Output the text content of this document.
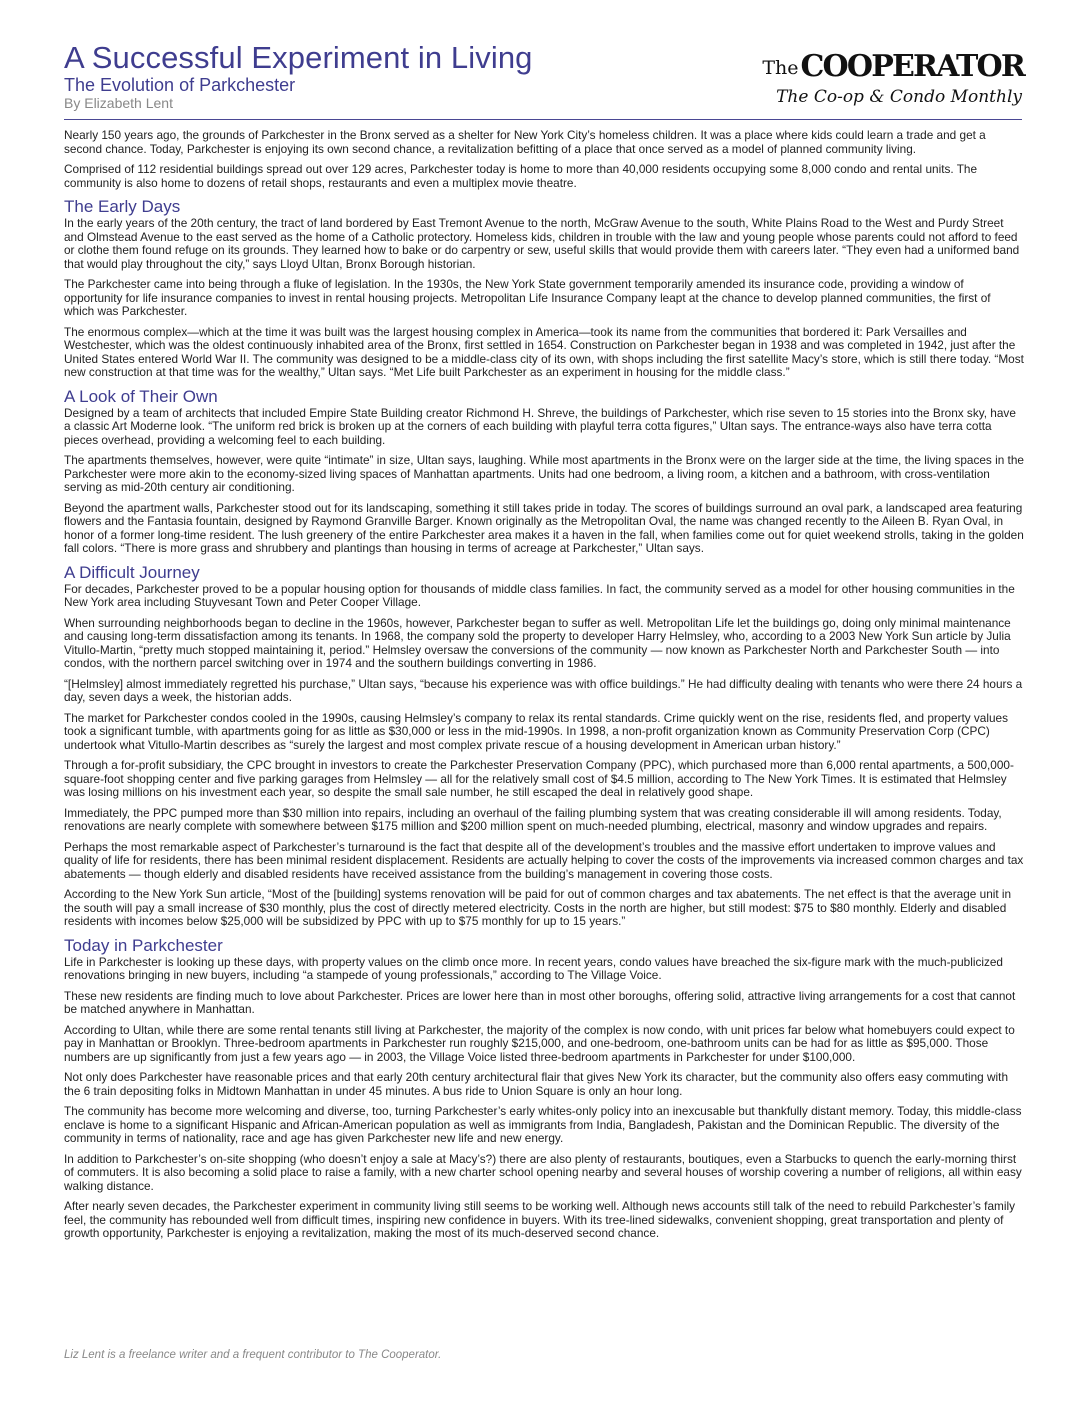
A Successful Experiment in Living
The Evolution of Parkchester
By Elizabeth Lent
TheCOOPERATOR
The Co-op & Condo Monthly

Nearly 150 years ago, the grounds of Parkchester in the Bronx served as a shelter for New York City’s homeless children. It was a place where kids could learn a trade and get a second chance. Today, Parkchester is enjoying its own second chance, a revitalization befitting of a place that once served as a model of planned community living.

Comprised of 112 residential buildings spread out over 129 acres, Parkchester today is home to more than 40,000 residents occupying some 8,000 condo and rental units. The community is also home to dozens of retail shops, restaurants and even a multiplex movie theatre.

The Early Days

In the early years of the 20th century, the tract of land bordered by East Tremont Avenue to the north, McGraw Avenue to the south, White Plains Road to the West and Purdy Street and Olmstead Avenue to the east served as the home of a Catholic protectory. Homeless kids, children in trouble with the law and young people whose parents could not afford to feed or clothe them found refuge on its grounds. They learned how to bake or do carpentry or sew, useful skills that would provide them with careers later. “They even had a uniformed band that would play throughout the city,” says Lloyd Ultan, Bronx Borough historian.

The Parkchester came into being through a fluke of legislation. In the 1930s, the New York State government temporarily amended its insurance code, providing a window of opportunity for life insurance companies to invest in rental housing projects. Metropolitan Life Insurance Company leapt at the chance to develop planned communities, the first of which was Parkchester.

The enormous complex—which at the time it was built was the largest housing complex in America—took its name from the communities that bordered it: Park Versailles and Westchester, which was the oldest continuously inhabited area of the Bronx, first settled in 1654. Construction on Parkchester began in 1938 and was completed in 1942, just after the United States entered World War II. The community was designed to be a middle-class city of its own, with shops including the first satellite Macy’s store, which is still there today. “Most new construction at that time was for the wealthy,” Ultan says. “Met Life built Parkchester as an experiment in housing for the middle class.”

A Look of Their Own

Designed by a team of architects that included Empire State Building creator Richmond H. Shreve, the buildings of Parkchester, which rise seven to 15 stories into the Bronx sky, have a classic Art Moderne look. “The uniform red brick is broken up at the corners of each building with playful terra cotta figures,” Ultan says. The entrance-ways also have terra cotta pieces overhead, providing a welcoming feel to each building.

The apartments themselves, however, were quite “intimate” in size, Ultan says, laughing. While most apartments in the Bronx were on the larger side at the time, the living spaces in the Parkchester were more akin to the economy-sized living spaces of Manhattan apartments. Units had one bedroom, a living room, a kitchen and a bathroom, with cross-ventilation serving as mid-20th century air conditioning.

Beyond the apartment walls, Parkchester stood out for its landscaping, something it still takes pride in today. The scores of buildings surround an oval park, a landscaped area featuring flowers and the Fantasia fountain, designed by Raymond Granville Barger. Known originally as the Metropolitan Oval, the name was changed recently to the Aileen B. Ryan Oval, in honor of a former long-time resident. The lush greenery of the entire Parkchester area makes it a haven in the fall, when families come out for quiet weekend strolls, taking in the golden fall colors. “There is more grass and shrubbery and plantings than housing in terms of acreage at Parkchester,” Ultan says.

A Difficult Journey

For decades, Parkchester proved to be a popular housing option for thousands of middle class families. In fact, the community served as a model for other housing communities in the New York area including Stuyvesant Town and Peter Cooper Village.

When surrounding neighborhoods began to decline in the 1960s, however, Parkchester began to suffer as well. Metropolitan Life let the buildings go, doing only minimal maintenance and causing long-term dissatisfaction among its tenants. In 1968, the company sold the property to developer Harry Helmsley, who, according to a 2003 New York Sun article by Julia Vitullo-Martin, “pretty much stopped maintaining it, period.” Helmsley oversaw the conversions of the community — now known as Parkchester North and Parkchester South — into condos, with the northern parcel switching over in 1974 and the southern buildings converting in 1986.

“[Helmsley] almost immediately regretted his purchase,” Ultan says, “because his experience was with office buildings.” He had difficulty dealing with tenants who were there 24 hours a day, seven days a week, the historian adds.

The market for Parkchester condos cooled in the 1990s, causing Helmsley’s company to relax its rental standards. Crime quickly went on the rise, residents fled, and property values took a significant tumble, with apartments going for as little as $30,000 or less in the mid-1990s. In 1998, a non-profit organization known as Community Preservation Corp (CPC) undertook what Vitullo-Martin describes as “surely the largest and most complex private rescue of a housing development in American urban history.”

Through a for-profit subsidiary, the CPC brought in investors to create the Parkchester Preservation Company (PPC), which purchased more than 6,000 rental apartments, a 500,000-square-foot shopping center and five parking garages from Helmsley — all for the relatively small cost of $4.5 million, according to The New York Times. It is estimated that Helmsley was losing millions on his investment each year, so despite the small sale number, he still escaped the deal in relatively good shape.

Immediately, the PPC pumped more than $30 million into repairs, including an overhaul of the failing plumbing system that was creating considerable ill will among residents. Today, renovations are nearly complete with somewhere between $175 million and $200 million spent on much-needed plumbing, electrical, masonry and window upgrades and repairs.

Perhaps the most remarkable aspect of Parkchester’s turnaround is the fact that despite all of the development’s troubles and the massive effort undertaken to improve values and quality of life for residents, there has been minimal resident displacement. Residents are actually helping to cover the costs of the improvements via increased common charges and tax abatements — though elderly and disabled residents have received assistance from the building’s management in covering those costs.

According to the New York Sun article, “Most of the [building] systems renovation will be paid for out of common charges and tax abatements. The net effect is that the average unit in the south will pay a small increase of $30 monthly, plus the cost of directly metered electricity. Costs in the north are higher, but still modest: $75 to $80 monthly. Elderly and disabled residents with incomes below $25,000 will be subsidized by PPC with up to $75 monthly for up to 15 years.”

Today in Parkchester

Life in Parkchester is looking up these days, with property values on the climb once more. In recent years, condo values have breached the six-figure mark with the much-publicized renovations bringing in new buyers, including “a stampede of young professionals,” according to The Village Voice.

These new residents are finding much to love about Parkchester. Prices are lower here than in most other boroughs, offering solid, attractive living arrangements for a cost that cannot be matched anywhere in Manhattan.

According to Ultan, while there are some rental tenants still living at Parkchester, the majority of the complex is now condo, with unit prices far below what homebuyers could expect to pay in Manhattan or Brooklyn. Three-bedroom apartments in Parkchester run roughly $215,000, and one-bedroom, one-bathroom units can be had for as little as $95,000. Those numbers are up significantly from just a few years ago — in 2003, the Village Voice listed three-bedroom apartments in Parkchester for under $100,000.

Not only does Parkchester have reasonable prices and that early 20th century architectural flair that gives New York its character, but the community also offers easy commuting with the 6 train depositing folks in Midtown Manhattan in under 45 minutes. A bus ride to Union Square is only an hour long.

The community has become more welcoming and diverse, too, turning Parkchester’s early whites-only policy into an inexcusable but thankfully distant memory. Today, this middle-class enclave is home to a significant Hispanic and African-American population as well as immigrants from India, Bangladesh, Pakistan and the Dominican Republic. The diversity of the community in terms of nationality, race and age has given Parkchester new life and new energy.

In addition to Parkchester’s on-site shopping (who doesn’t enjoy a sale at Macy’s?) there are also plenty of restaurants, boutiques, even a Starbucks to quench the early-morning thirst of commuters. It is also becoming a solid place to raise a family, with a new charter school opening nearby and several houses of worship covering a number of religions, all within easy walking distance.

After nearly seven decades, the Parkchester experiment in community living still seems to be working well. Although news accounts still talk of the need to rebuild Parkchester’s family feel, the community has rebounded well from difficult times, inspiring new confidence in buyers. With its tree-lined sidewalks, convenient shopping, great transportation and plenty of growth opportunity, Parkchester is enjoying a revitalization, making the most of its much-deserved second chance.

Liz Lent is a freelance writer and a frequent contributor to The Cooperator.
